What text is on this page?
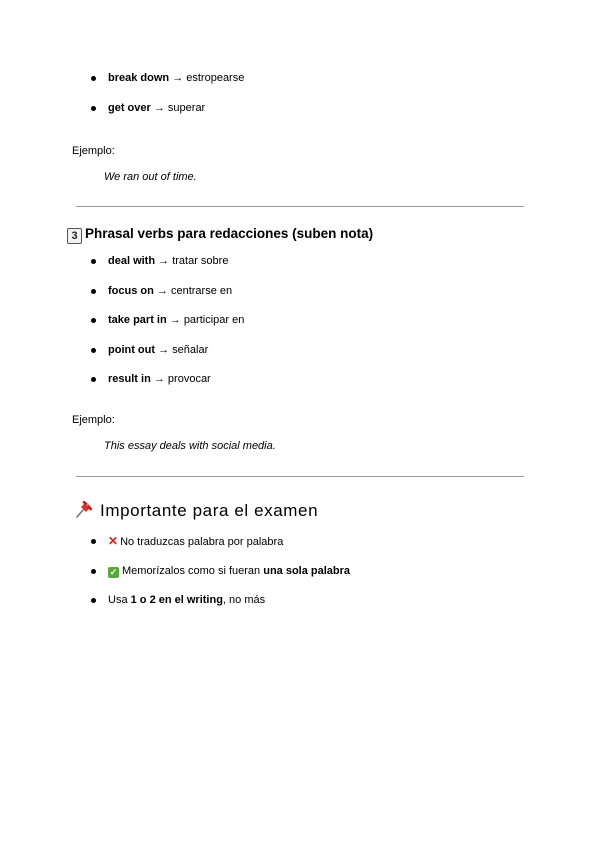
break down → estropearse
get over → superar
Ejemplo:
We ran out of time.
3 Phrasal verbs para redacciones (suben nota)
deal with → tratar sobre
focus on → centrarse en
take part in → participar en
point out → señalar
result in → provocar
Ejemplo:
This essay deals with social media.
Importante para el examen
✕ No traduzcas palabra por palabra
✓ Memorízalos como si fueran una sola palabra
Usa 1 o 2 en el writing, no más
